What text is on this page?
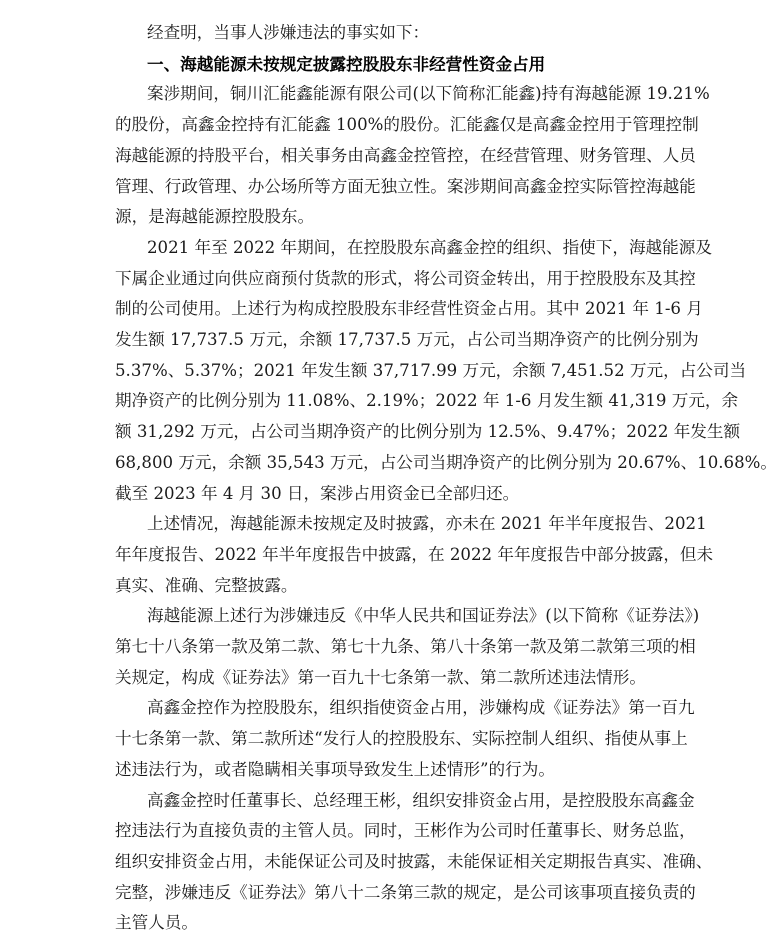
经查明，当事人涉嫌违法的事实如下：
一、海越能源未按规定披露控股股东非经营性资金占用
案涉期间，铜川汇能鑫能源有限公司(以下简称汇能鑫)持有海越能源 19.21%
的股份，高鑫金控持有汇能鑫 100%的股份。汇能鑫仅是高鑫金控用于管理控制
海越能源的持股平台，相关事务由高鑫金控管控，在经营管理、财务管理、人员
管理、行政管理、办公场所等方面无独立性。案涉期间高鑫金控实际管控海越能
源，是海越能源控股股东。
2021 年至 2022 年期间，在控股股东高鑫金控的组织、指使下，海越能源及
下属企业通过向供应商预付货款的形式，将公司资金转出，用于控股股东及其控
制的公司使用。上述行为构成控股股东非经营性资金占用。其中 2021 年 1-6 月
发生额 17,737.5 万元，余额 17,737.5 万元，占公司当期净资产的比例分别为
5.37%、5.37%；2021 年发生额 37,717.99 万元，余额 7,451.52 万元，占公司当
期净资产的比例分别为 11.08%、2.19%；2022 年 1-6 月发生额 41,319 万元，余
额 31,292 万元，占公司当期净资产的比例分别为 12.5%、9.47%；2022 年发生额
68,800 万元，余额 35,543 万元，占公司当期净资产的比例分别为 20.67%、10.68%。
截至 2023 年 4 月 30 日，案涉占用资金已全部归还。
上述情况，海越能源未按规定及时披露，亦未在 2021 年半年度报告、2021
年年度报告、2022 年半年度报告中披露，在 2022 年年度报告中部分披露，但未
真实、准确、完整披露。
海越能源上述行为涉嫌违反《中华人民共和国证券法》(以下简称《证券法》)
第七十八条第一款及第二款、第七十九条、第八十条第一款及第二款第三项的相
关规定，构成《证券法》第一百九十七条第一款、第二款所述违法情形。
高鑫金控作为控股股东，组织指使资金占用，涉嫌构成《证券法》第一百九
十七条第一款、第二款所述“发行人的控股股东、实际控制人组织、指使从事上
述违法行为，或者隐瞒相关事项导致发生上述情形”的行为。
高鑫金控时任董事长、总经理王彬，组织安排资金占用，是控股股东高鑫金
控违法行为直接负责的主管人员。同时，王彬作为公司时任董事长、财务总监，
组织安排资金占用，未能保证公司及时披露，未能保证相关定期报告真实、准确、
完整，涉嫌违反《证券法》第八十二条第三款的规定，是公司该事项直接负责的
主管人员。
